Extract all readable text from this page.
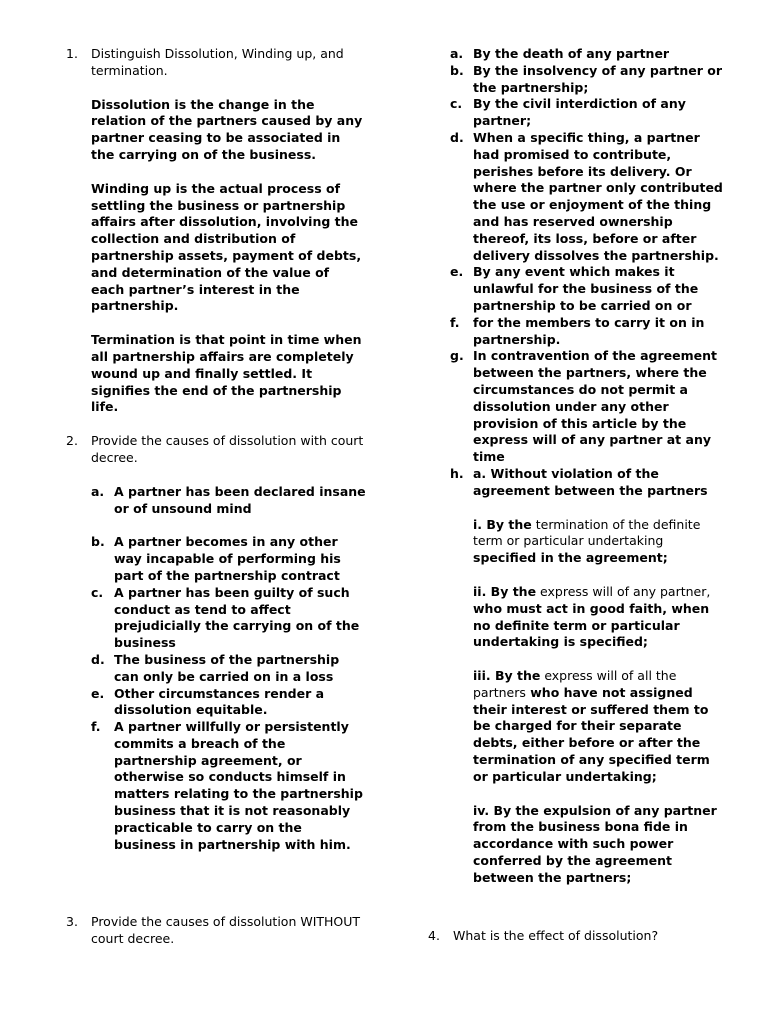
1. Distinguish Dissolution, Winding up, and termination.
Dissolution is the change in the relation of the partners caused by any partner ceasing to be associated in the carrying on of the business.
Winding up is the actual process of settling the business or partnership affairs after dissolution, involving the collection and distribution of partnership assets, payment of debts, and determination of the value of each partner’s interest in the partnership.
Termination is that point in time when all partnership affairs are completely wound up and finally settled. It signifies the end of the partnership life.
2. Provide the causes of dissolution with court decree.
a. A partner has been declared insane or of unsound mind
b. A partner becomes in any other way incapable of performing his part of the partnership contract
c. A partner has been guilty of such conduct as tend to affect prejudicially the carrying on of the business
d. The business of the partnership can only be carried on in a loss
e. Other circumstances render a dissolution equitable.
f. A partner willfully or persistently commits a breach of the partnership agreement, or otherwise so conducts himself in matters relating to the partnership business that it is not reasonably practicable to carry on the business in partnership with him.
3. Provide the causes of dissolution WITHOUT court decree.
a. By the death of any partner
b. By the insolvency of any partner or the partnership;
c. By the civil interdiction of any partner;
d. When a specific thing, a partner had promised to contribute, perishes before its delivery. Or where the partner only contributed the use or enjoyment of the thing and has reserved ownership thereof, its loss, before or after delivery dissolves the partnership.
e. By any event which makes it unlawful for the business of the partnership to be carried on or
f. for the members to carry it on in partnership.
g. In contravention of the agreement between the partners, where the circumstances do not permit a dissolution under any other provision of this article by the express will of any partner at any time
h. a. Without violation of the agreement between the partners
i. By the termination of the definite term or particular undertaking specified in the agreement;
ii. By the express will of any partner, who must act in good faith, when no definite term or particular undertaking is specified;
iii. By the express will of all the partners who have not assigned their interest or suffered them to be charged for their separate debts, either before or after the termination of any specified term or particular undertaking;
iv. By the expulsion of any partner from the business bona fide in accordance with such power conferred by the agreement between the partners;
4. What is the effect of dissolution?
